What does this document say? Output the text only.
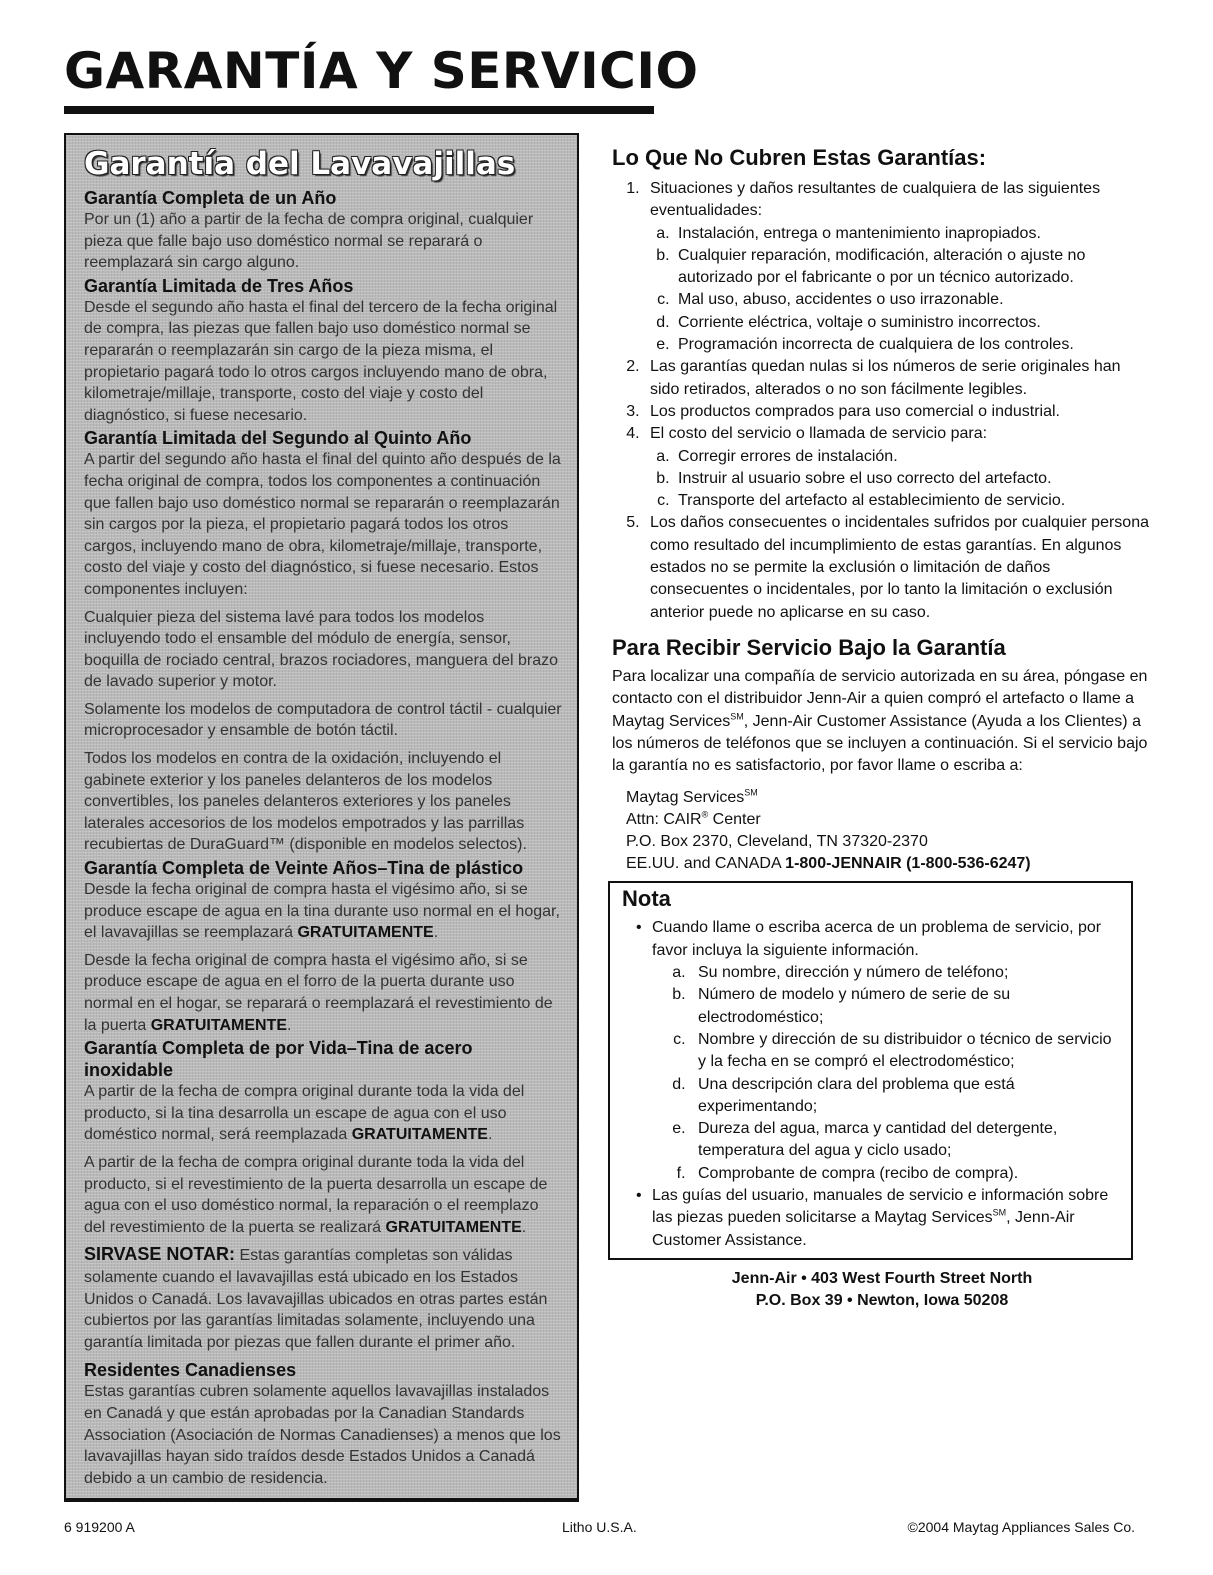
GARANTÍA Y SERVICIO
Garantía del Lavavajillas
Garantía Completa de un Año

Por un (1) año a partir de la fecha de compra original, cualquier pieza que falle bajo uso doméstico normal se reparará o reemplazará sin cargo alguno.

Garantía Limitada de Tres Años

Desde el segundo año hasta el final del tercero de la fecha original de compra, las piezas que fallen bajo uso doméstico normal se repararán o reemplazarán sin cargo de la pieza misma, el propietario pagará todo lo otros cargos incluyendo mano de obra, kilometraje/millaje, transporte, costo del viaje y costo del diagnóstico, si fuese necesario.

Garantía Limitada del Segundo al Quinto Año

A partir del segundo año hasta el final del quinto año después de la fecha original de compra, todos los componentes a continuación que fallen bajo uso doméstico normal se repararán o reemplazarán sin cargos por la pieza, el propietario pagará todos los otros cargos, incluyendo mano de obra, kilometraje/millaje, transporte, costo del viaje y costo del diagnóstico, si fuese necesario. Estos componentes incluyen:

Cualquier pieza del sistema lavé para todos los modelos incluyendo todo el ensamble del módulo de energía, sensor, boquilla de rociado central, brazos rociadores, manguera del brazo de lavado superior y motor.

Solamente los modelos de computadora de control táctil - cualquier microprocesador y ensamble de botón táctil.

Todos los modelos en contra de la oxidación, incluyendo el gabinete exterior y los paneles delanteros de los modelos convertibles, los paneles delanteros exteriores y los paneles laterales accesorios de los modelos empotrados y las parrillas recubiertas de DuraGuard™ (disponible en modelos selectos).

Garantía Completa de Veinte Años–Tina de plástico

Desde la fecha original de compra hasta el vigésimo año, si se produce escape de agua en la tina durante uso normal en el hogar, el lavavajillas se reemplazará GRATUITAMENTE.

Desde la fecha original de compra hasta el vigésimo año, si se produce escape de agua en el forro de la puerta durante uso normal en el hogar, se reparará o reemplazará el revestimiento de la puerta GRATUITAMENTE.

Garantía Completa de por Vida–Tina de acero inoxidable

A partir de la fecha de compra original durante toda la vida del producto, si la tina desarrolla un escape de agua con el uso doméstico normal, será reemplazada GRATUITAMENTE.

A partir de la fecha de compra original durante toda la vida del producto, si el revestimiento de la puerta desarrolla un escape de agua con el uso doméstico normal, la reparación o el reemplazo del revestimiento de la puerta se realizará GRATUITAMENTE.

SIRVASE NOTAR: Estas garantías completas son válidas solamente cuando el lavavajillas está ubicado en los Estados Unidos o Canadá. Los lavavajillas ubicados en otras partes están cubiertos por las garantías limitadas solamente, incluyendo una garantía limitada por piezas que fallen durante el primer año.

Residentes Canadienses

Estas garantías cubren solamente aquellos lavavajillas instalados en Canadá y que están aprobadas por la Canadian Standards Association (Asociación de Normas Canadienses) a menos que los lavavajillas hayan sido traídos desde Estados Unidos a Canadá debido a un cambio de residencia.

Lo Que No Cubren Estas Garantías:
1. Situaciones y daños resultantes de cualquiera de las siguientes eventualidades:
a. Instalación, entrega o mantenimiento inapropiados.
b. Cualquier reparación, modificación, alteración o ajuste no autorizado por el fabricante o por un técnico autorizado.
c. Mal uso, abuso, accidentes o uso irrazonable.
d. Corriente eléctrica, voltaje o suministro incorrectos.
e. Programación incorrecta de cualquiera de los controles.
2. Las garantías quedan nulas si los números de serie originales han sido retirados, alterados o no son fácilmente legibles.
3. Los productos comprados para uso comercial o industrial.
4. El costo del servicio o llamada de servicio para:
a. Corregir errores de instalación.
b. Instruir al usuario sobre el uso correcto del artefacto.
c. Transporte del artefacto al establecimiento de servicio.
5. Los daños consecuentes o incidentales sufridos por cualquier persona como resultado del incumplimiento de estas garantías. En algunos estados no se permite la exclusión o limitación de daños consecuentes o incidentales, por lo tanto la limitación o exclusión anterior puede no aplicarse en su caso.
Para Recibir Servicio Bajo la Garantía

Para localizar una compañía de servicio autorizada en su área, póngase en contacto con el distribuidor Jenn-Air a quien compró el artefacto o llame a Maytag Services℠, Jenn-Air Customer Assistance (Ayuda a los Clientes) a los números de teléfonos que se incluyen a continuación. Si el servicio bajo la garantía no es satisfactorio, por favor llame o escriba a:

Maytag Services℠
Attn: CAIR® Center
P.O. Box 2370, Cleveland, TN 37320-2370
EE.UU. and CANADA 1-800-JENNAIR (1-800-536-6247)
Nota
• Cuando llame o escriba acerca de un problema de servicio, por favor incluya la siguiente información.
a. Su nombre, dirección y número de teléfono;
b. Número de modelo y número de serie de su electrodoméstico;
c. Nombre y dirección de su distribuidor o técnico de servicio y la fecha en se compró el electrodoméstico;
d. Una descripción clara del problema que está experimentando;
e. Dureza del agua, marca y cantidad del detergente, temperatura del agua y ciclo usado;
f. Comprobante de compra (recibo de compra).
• Las guías del usuario, manuales de servicio e información sobre las piezas pueden solicitarse a Maytag Services℠, Jenn-Air Customer Assistance.
Jenn-Air • 403 West Fourth Street North
P.O. Box 39 • Newton, Iowa 50208
6 919200 A	Litho U.S.A.	©2004 Maytag Appliances Sales Co.
